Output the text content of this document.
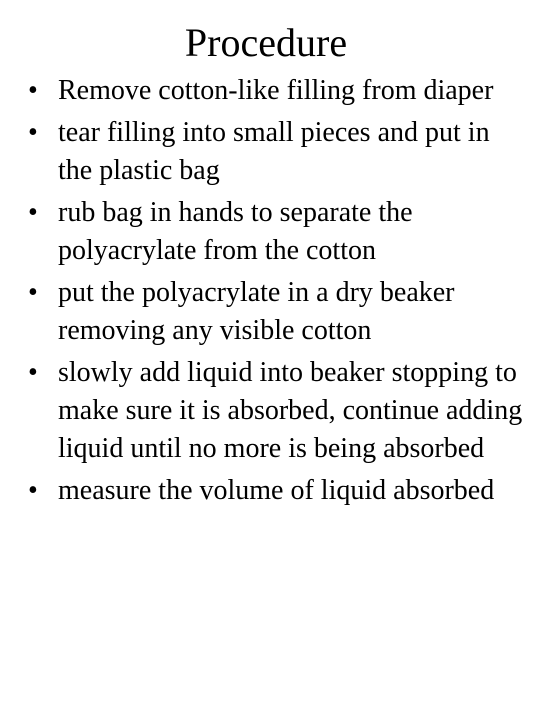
Procedure
• Remove cotton-like filling from diaper
• tear filling into small pieces and put in the plastic bag
• rub bag in hands to separate the polyacrylate from the cotton
• put the polyacrylate in a dry beaker removing any visible cotton
• slowly add liquid into beaker stopping to make sure it is absorbed, continue adding liquid until no more is being absorbed
• measure the volume of liquid absorbed
